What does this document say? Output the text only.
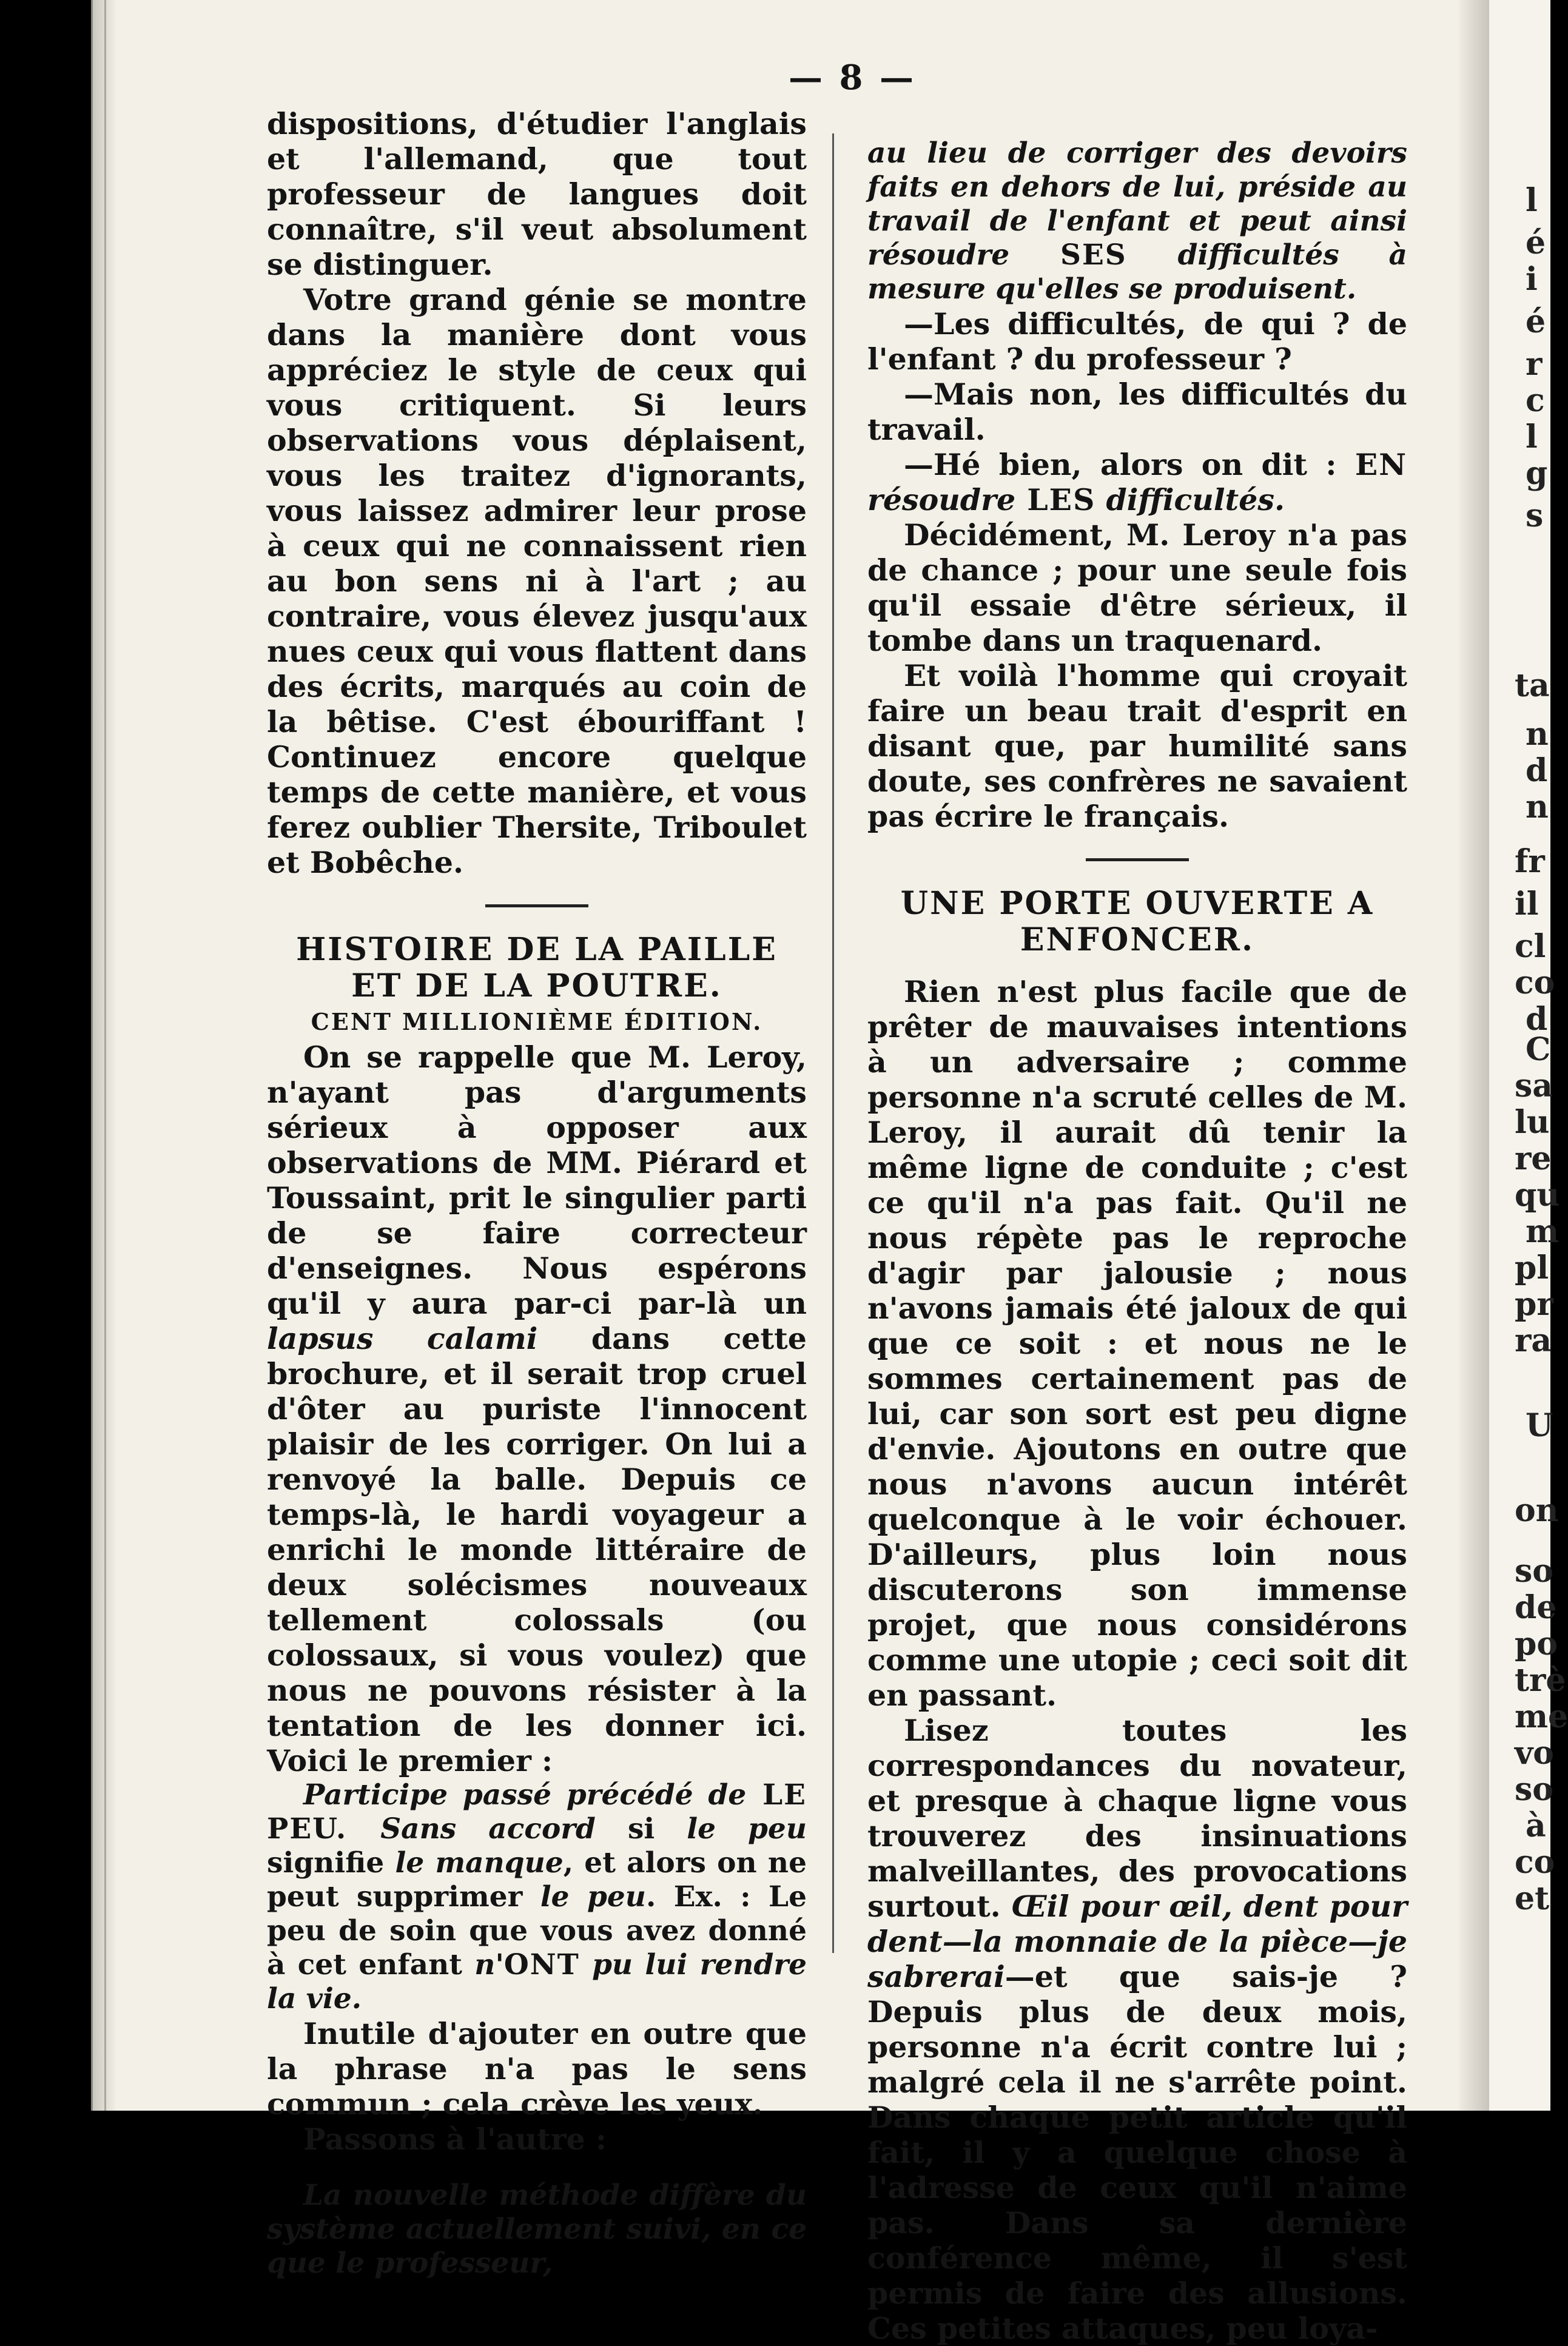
— 8 —

dispositions, d'étudier l'anglais et l'allemand, que tout professeur de langues doit connaître, s'il veut absolument se distinguer.

Votre grand génie se montre dans la manière dont vous appréciez le style de ceux qui vous critiquent. Si leurs observations vous déplaisent, vous les traitez d'ignorants, vous laissez admirer leur prose à ceux qui ne connaissent rien au bon sens ni à l'art ; au contraire, vous élevez jusqu'aux nues ceux qui vous flattent dans des écrits, marqués au coin de la bêtise. C'est ébouriffant ! Continuez encore quelque temps de cette manière, et vous ferez oublier Thersite, Triboulet et Bobêche.

HISTOIRE DE LA PAILLE ET DE LA POUTRE.

CENT MILLIONIÈME ÉDITION.

On se rappelle que M. Leroy, n'ayant pas d'arguments sérieux à opposer aux observations de MM. Piérard et Toussaint, prit le singulier parti de se faire correcteur d'enseignes. Nous espérons qu'il y aura par-ci par-là un lapsus calami dans cette brochure, et il serait trop cruel d'ôter au puriste l'innocent plaisir de les corriger. On lui a renvoyé la balle. Depuis ce temps-là, le hardi voyageur a enrichi le monde littéraire de deux solécismes nouveaux tellement colossals (ou colossaux, si vous voulez) que nous ne pouvons résister à la tentation de les donner ici. Voici le premier :

Participe passé précédé de LE PEU. Sans accord si le peu signifie le manque, et alors on ne peut supprimer le peu. Ex. : Le peu de soin que vous avez donné à cet enfant n'ONT pu lui rendre la vie.

Inutile d'ajouter en outre que la phrase n'a pas le sens commun ; cela crève les yeux.

Passons à l'autre :

La nouvelle méthode diffère du système actuellement suivi, en ce que le professeur,

au lieu de corriger des devoirs faits en dehors de lui, préside au travail de l'enfant et peut ainsi résoudre SES difficultés à mesure qu'elles se produisent.

—Les difficultés, de qui ? de l'enfant ? du professeur ?

—Mais non, les difficultés du travail.

—Hé bien, alors on dit : EN résoudre LES difficultés.

Décidément, M. Leroy n'a pas de chance ; pour une seule fois qu'il essaie d'être sérieux, il tombe dans un traquenard.

Et voilà l'homme qui croyait faire un beau trait d'esprit en disant que, par humilité sans doute, ses confrères ne savaient pas écrire le français.

UNE PORTE OUVERTE A ENFONCER.

Rien n'est plus facile que de prêter de mauvaises intentions à un adversaire ; comme personne n'a scruté celles de M. Leroy, il aurait dû tenir la même ligne de conduite ; c'est ce qu'il n'a pas fait. Qu'il ne nous répète pas le reproche d'agir par jalousie ; nous n'avons jamais été jaloux de qui que ce soit : et nous ne le sommes certainement pas de lui, car son sort est peu digne d'envie. Ajoutons en outre que nous n'avons aucun intérêt quelconque à le voir échouer. D'ailleurs, plus loin nous discuterons son immense projet, que nous considérons comme une utopie ; ceci soit dit en passant.

Lisez toutes les correspondances du novateur, et presque à chaque ligne vous trouverez des insinuations malveillantes, des provocations surtout. Œil pour œil, dent pour dent—la monnaie de la pièce—je sabrerai—et que sais-je ? Depuis plus de deux mois, personne n'a écrit contre lui ; malgré cela il ne s'arrête point. Dans chaque petit article qu'il fait, il y a quelque chose à l'adresse de ceux qu'il n'aime pas. Dans sa dernière conférence même, il s'est permis de faire des allusions. Ces petites attaques, peu loya-

l
é
i
é
r
c
l
g
s
ta
n
d
n
fr
il
cl
co
d
C
sa
lu
re
qu
m
pl
pr
ra
U
on
so
de
po
trè
me
vo
so
à
co
et
